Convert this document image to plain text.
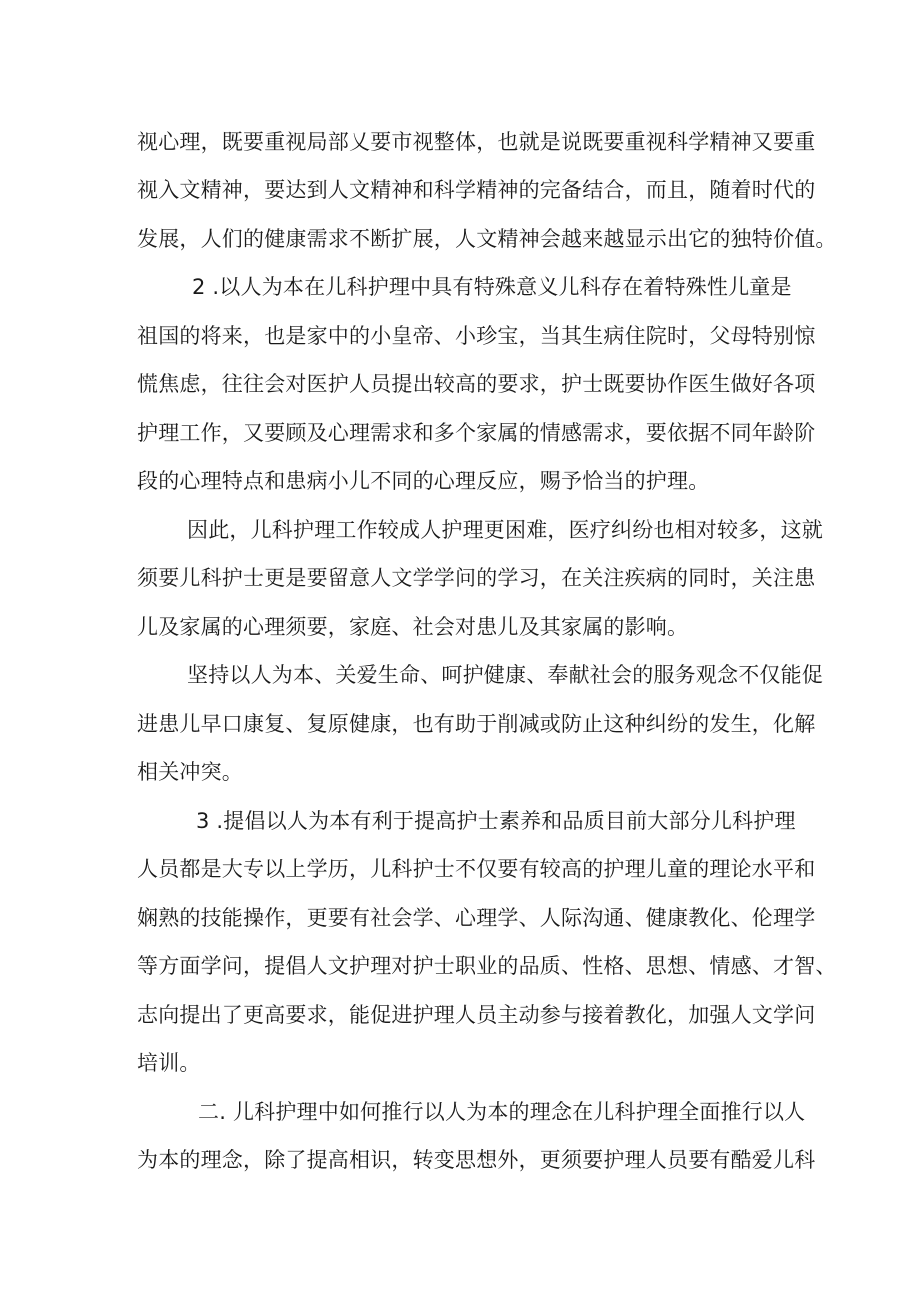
视心理，既要重视局部乂要市视整体，也就是说既要重视科学精神又要重
视入文精神，要达到人文精神和科学精神的完备结合，而且，随着时代的
发展，人们的健康需求不断扩展，人文精神会越来越显示出它的独特价值。
2 .以人为本在儿科护理中具有特殊意义儿科存在着特殊性儿童是
祖国的将来，也是家中的小皇帝、小珍宝，当其生病住院时，父母特别惊
慌焦虑，往往会对医护人员提出较高的要求，护士既要协作医生做好各项
护理工作，又要顾及心理需求和多个家属的情感需求，要依据不同年龄阶
段的心理特点和患病小儿不同的心理反应，赐予恰当的护理。
因此，儿科护理工作较成人护理更困难，医疗纠纷也相对较多，这就
须要儿科护士更是要留意人文学学问的学习，在关注疾病的同时，关注患
儿及家属的心理须要，家庭、社会对患儿及其家属的影响。
坚持以人为本、关爱生命、呵护健康、奉献社会的服务观念不仅能促
进患儿早口康复、复原健康，也有助于削减或防止这种纠纷的发生，化解
相关冲突。
3 .提倡以人为本有利于提高护士素养和品质目前大部分儿科护理
人员都是大专以上学历，儿科护士不仅要有较高的护理儿童的理论水平和
娴熟的技能操作，更要有社会学、心理学、人际沟通、健康教化、伦理学
等方面学问，提倡人文护理对护士职业的品质、性格、思想、情感、才智、
志向提出了更高要求，能促进护理人员主动参与接着教化，加强人文学问
培训。
二. 儿科护理中如何推行以人为本的理念在儿科护理全面推行以人
为本的理念，除了提高相识，转变思想外，更须要护理人员要有酷爱儿科
